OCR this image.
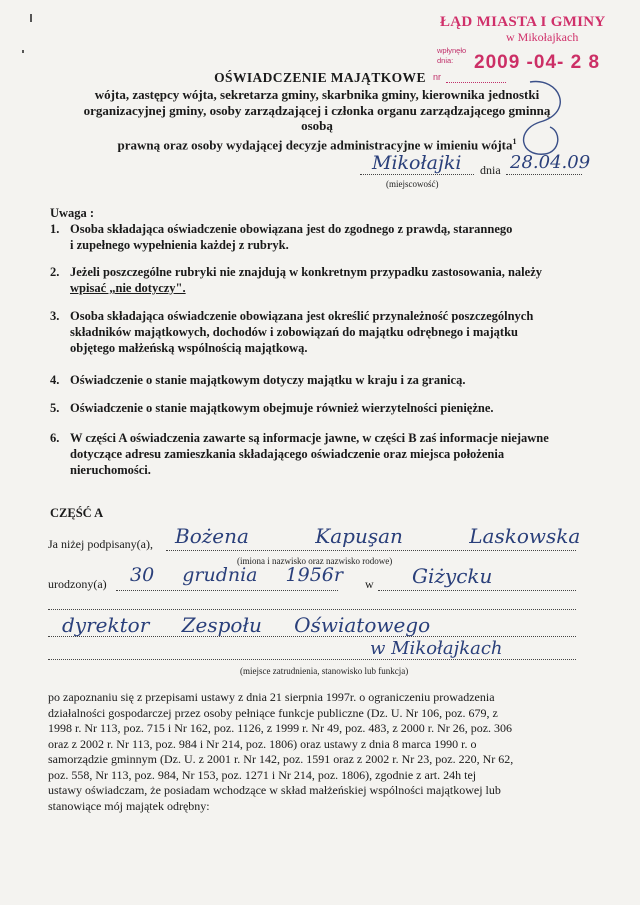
ŁĄD MIASTA I GMINY
w Mikołajkach
wpłynęło
dnia: 2009 -04- 2 8
nr
OŚWIADCZENIE MAJĄTKOWE
wójta, zastępcy wójta, sekretarza gminy, skarbnika gminy, kierownika jednostki
organizacyjnej gminy, osoby zarządzającej i członka organu zarządzającego gminną osobą
prawną oraz osoby wydającej decyzje administracyjne w imieniu wójta$^1$
Mikołajki dnia 28.04.09
(miejscowość)
Uwaga :
1. Osoba składająca oświadczenie obowiązana jest do zgodnego z prawdą, starannego
i zupełnego wypełnienia każdej z rubryk.
2. Jeżeli poszczególne rubryki nie znajdują w konkretnym przypadku zastosowania, należy
wpisać „nie dotyczy".
3. Osoba składająca oświadczenie obowiązana jest określić przynależność poszczególnych
składników majątkowych, dochodów i zobowiązań do majątku odrębnego i majątku
objętego małżeńską wspólnością majątkową.
4. Oświadczenie o stanie majątkowym dotyczy majątku w kraju i za granicą.
5. Oświadczenie o stanie majątkowym obejmuje również wierzytelności pieniężne.
6. W części A oświadczenia zawarte są informacje jawne, w części B zaś informacje niejawne
dotyczące adresu zamieszkania składającego oświadczenie oraz miejsca położenia
nieruchomości.
CZĘŚĆ A
Ja niżej podpisany(a), Bożena Kapuşan Laskowska
(imiona i nazwisko oraz nazwisko rodowe)
urodzony(a) 30 grudnia 1956r w Giżycku
dyrektor Zespołu Oświatowego
w Mikołajkach
(miejsce zatrudnienia, stanowisko lub funkcja)
po zapoznaniu się z przepisami ustawy z dnia 21 sierpnia 1997r. o ograniczeniu prowadzenia
działalności gospodarczej przez osoby pełniące funkcje publiczne (Dz. U. Nr 106, poz. 679, z
1998 r. Nr 113, poz. 715 i Nr 162, poz. 1126, z 1999 r. Nr 49, poz. 483, z 2000 r. Nr 26, poz. 306
oraz z 2002 r. Nr 113, poz. 984 i Nr 214, poz. 1806) oraz ustawy z dnia 8 marca 1990 r. o
samorządzie gminnym (Dz. U. z 2001 r. Nr 142, poz. 1591 oraz z 2002 r. Nr 23, poz. 220, Nr 62,
poz. 558, Nr 113, poz. 984, Nr 153, poz. 1271 i Nr 214, poz. 1806), zgodnie z art. 24h tej
ustawy oświadczam, że posiadam wchodzące w skład małżeńskiej wspólności majątkowej lub
stanowiące mój majątek odrębny:
